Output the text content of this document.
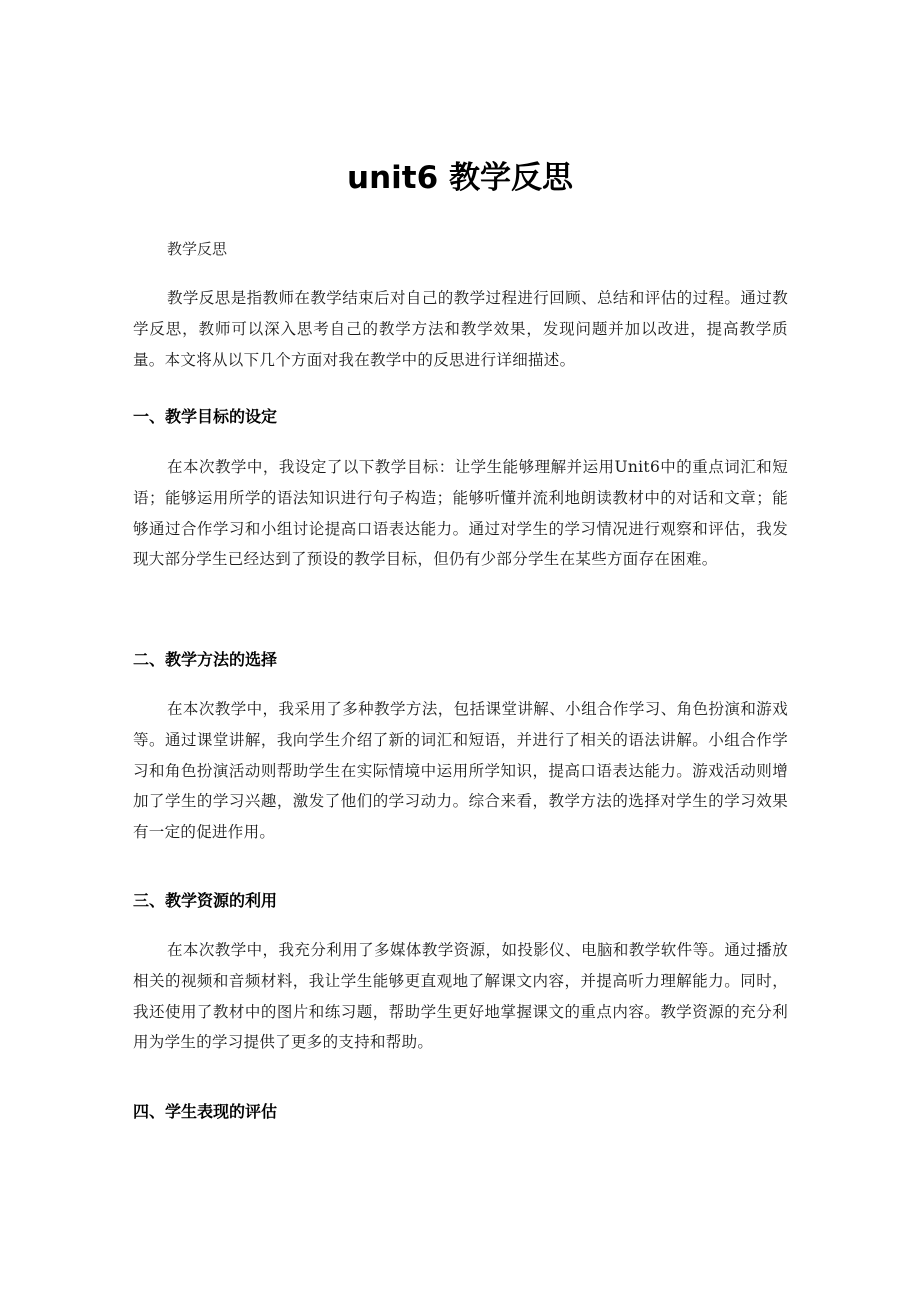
unit6 教学反思

教学反思

教学反思是指教师在教学结束后对自己的教学过程进行回顾、总结和评估的过程。通过教学反思，教师可以深入思考自己的教学方法和教学效果，发现问题并加以改进，提高教学质量。本文将从以下几个方面对我在教学中的反思进行详细描述。

一、教学目标的设定

在本次教学中，我设定了以下教学目标：让学生能够理解并运用Unit6中的重点词汇和短语；能够运用所学的语法知识进行句子构造；能够听懂并流利地朗读教材中的对话和文章；能够通过合作学习和小组讨论提高口语表达能力。通过对学生的学习情况进行观察和评估，我发现大部分学生已经达到了预设的教学目标，但仍有少部分学生在某些方面存在困难。

二、教学方法的选择

在本次教学中，我采用了多种教学方法，包括课堂讲解、小组合作学习、角色扮演和游戏等。通过课堂讲解，我向学生介绍了新的词汇和短语，并进行了相关的语法讲解。小组合作学习和角色扮演活动则帮助学生在实际情境中运用所学知识，提高口语表达能力。游戏活动则增加了学生的学习兴趣，激发了他们的学习动力。综合来看，教学方法的选择对学生的学习效果有一定的促进作用。

三、教学资源的利用

在本次教学中，我充分利用了多媒体教学资源，如投影仪、电脑和教学软件等。通过播放相关的视频和音频材料，我让学生能够更直观地了解课文内容，并提高听力理解能力。同时，我还使用了教材中的图片和练习题，帮助学生更好地掌握课文的重点内容。教学资源的充分利用为学生的学习提供了更多的支持和帮助。

四、学生表现的评估
